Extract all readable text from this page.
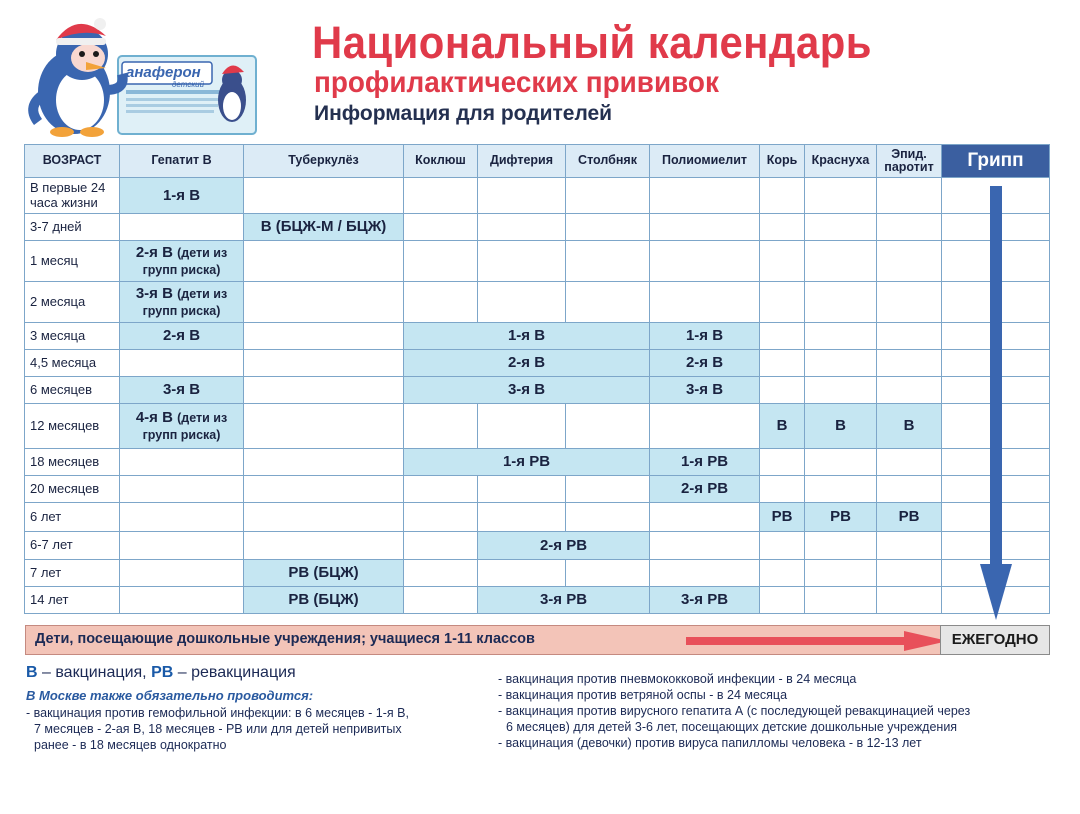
анаферон
детский
Национальный календарь
профилактических прививок
Информация для родителей
ВОЗРАСТ	Гепатит В	Туберкулёз	Коклюш	Дифтерия	Столбняк	Полиомиелит	Корь	Краснуха	Эпид.
паротит	Грипп
В первые 24 часа жизни	1-я В									
3-7 дней		В (БЦЖ-М / БЦЖ)								
1 месяц	2-я В (дети из групп риска)									
2 месяца	3-я В (дети из групп риска)									
3 месяца	2-я В		1-я В			1-я В				
4,5 месяца			2-я В			2-я В				
6 месяцев	3-я В		3-я В			3-я В				
12 месяцев	4-я В (дети из групп риска)						В	В	В	
18 месяцев			1-я РВ			1-я РВ				
20 месяцев						2-я РВ				
6 лет							РВ	РВ	РВ	
6-7 лет				2-я РВ						
7 лет		РВ (БЦЖ)								
14 лет		РВ (БЦЖ)		3-я РВ		3-я РВ				
Дети, посещающие дошкольные учреждения; учащиеся 1-11 классов	ЕЖЕГОДНО
В – вакцинация, РВ – ревакцинация
В Москве также обязательно проводится:
- вакцинация против гемофильной инфекции: в 6 месяцев - 1-я В,
7 месяцев - 2-ая В, 18 месяцев - РВ или для детей непривитых
ранее - в 18 месяцев однократно
- вакцинация против пневмококковой инфекции - в 24 месяца
- вакцинация против ветряной оспы - в 24 месяца
- вакцинация против вирусного гепатита А (с последующей ревакцинацией через
6 месяцев) для детей 3-6 лет, посещающих детские дошкольные учреждения
- вакцинация (девочки) против вируса папилломы человека - в 12-13 лет
